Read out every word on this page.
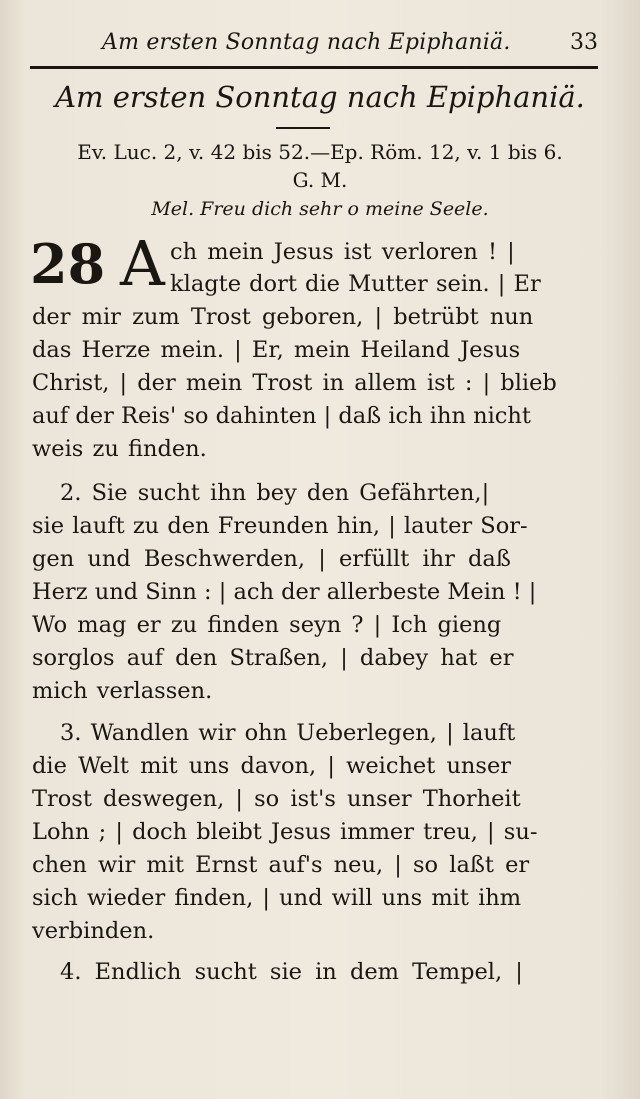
Am ersten Sonntag nach Epiphaniä.	33
Am ersten Sonntag nach Epiphaniä.
Ev. Luc. 2, v. 42 bis 52.—Ep. Röm. 12, v. 1 bis 6.
G. M.
Mel. Freu dich sehr o meine Seele.
28 A ch mein Jesus ist verloren ! |
klagte dort die Mutter sein. | Er
der mir zum Trost geboren, | betrübt nun
das Herze mein. | Er, mein Heiland Jesus
Christ, | der mein Trost in allem ist : | blieb
auf der Reis' so dahinten | daß ich ihn nicht
weis zu finden.
2. Sie sucht ihn bey den Gefährten,|
sie lauft zu den Freunden hin, | lauter Sor-
gen und Beschwerden, | erfüllt ihr daß
Herz und Sinn : | ach der allerbeste Mein ! |
Wo mag er zu finden seyn ? | Ich gieng
sorglos auf den Straßen, | dabey hat er
mich verlassen.
3. Wandlen wir ohn Ueberlegen, | lauft
die Welt mit uns davon, | weichet unser
Trost deswegen, | so ist's unser Thorheit
Lohn ; | doch bleibt Jesus immer treu, | su-
chen wir mit Ernst auf's neu, | so laßt er
sich wieder finden, | und will uns mit ihm
verbinden.
4. Endlich sucht sie in dem Tempel, |
